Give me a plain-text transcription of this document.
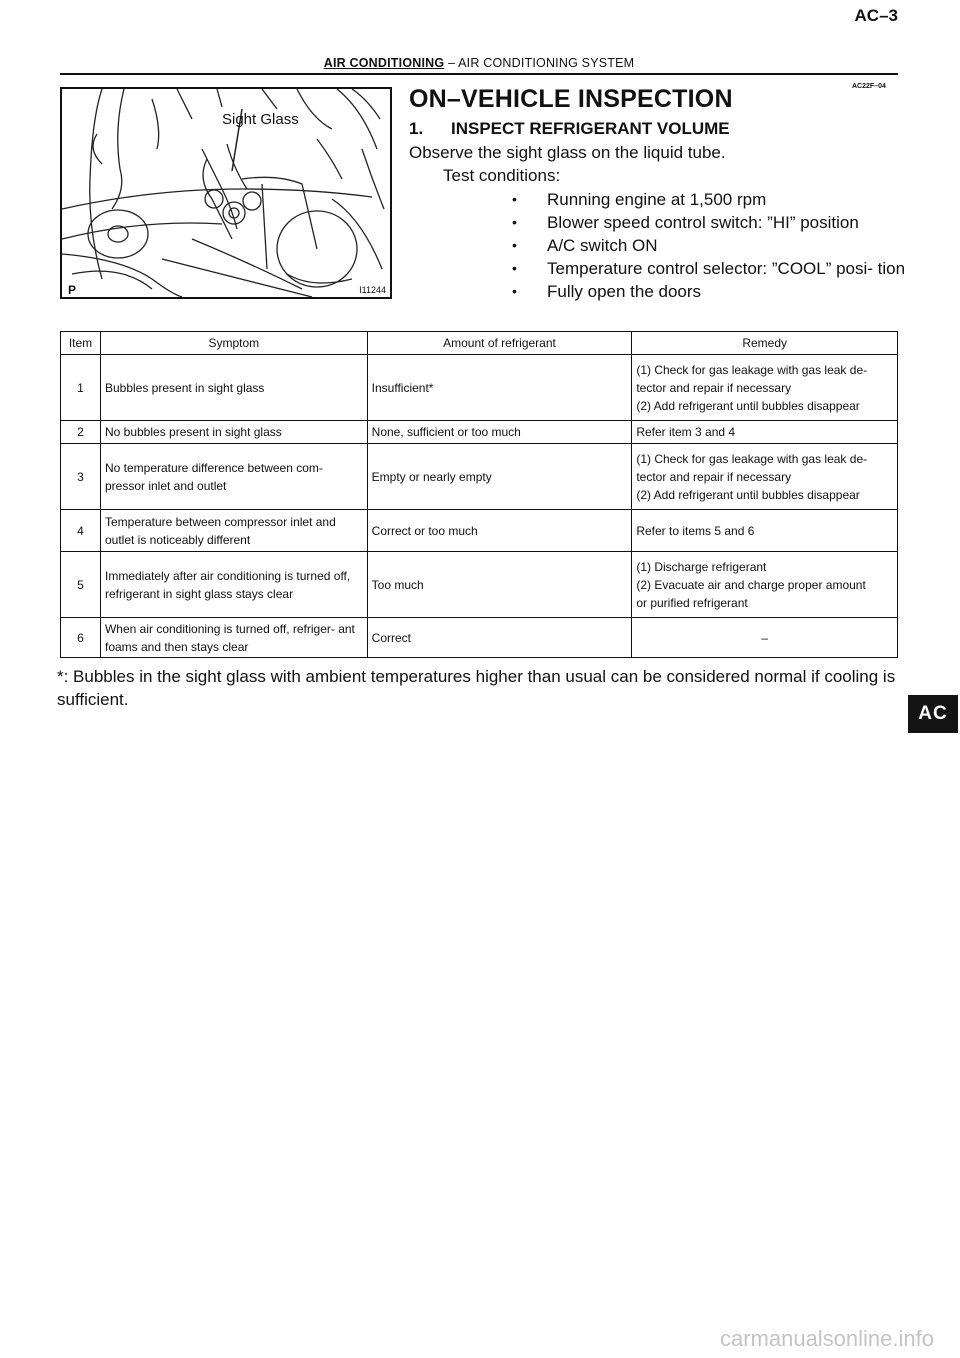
AC–3
AIR CONDITIONING – AIR CONDITIONING SYSTEM
AC22F–04
Sight Glass
P	I11244
ON–VEHICLE INSPECTION
1. INSPECT REFRIGERANT VOLUME
Observe the sight glass on the liquid tube.
Test conditions:
• Running engine at 1,500 rpm
• Blower speed control switch: ”HI” position
• A/C switch ON
• Temperature control selector: ”COOL” posi- tion
• Fully open the doors
Item	Symptom	Amount of refrigerant	Remedy
1	Bubbles present in sight glass	Insufficient*	(1) Check for gas leakage with gas leak de-
tector and repair if necessary
(2) Add refrigerant until bubbles disappear

2	No bubbles present in sight glass	None, sufficient or too much	Refer item 3 and 4

3	No temperature difference between com- pressor inlet and outlet	Empty or nearly empty	(1) Check for gas leakage with gas leak de-
tector and repair if necessary
(2) Add refrigerant until bubbles disappear

4	Temperature between compressor inlet and outlet is noticeably different	Correct or too much	Refer to items 5 and 6

5	Immediately after air conditioning is turned off, refrigerant in sight glass stays clear	Too much	(1) Discharge refrigerant
(2) Evacuate air and charge proper amount
or purified refrigerant

6	When air conditioning is turned off, refriger- ant foams and then stays clear	Correct	–
*: Bubbles in the sight glass with ambient temperatures higher than usual can be considered normal if cooling is sufficient.
AC
carmanualsonline.info
